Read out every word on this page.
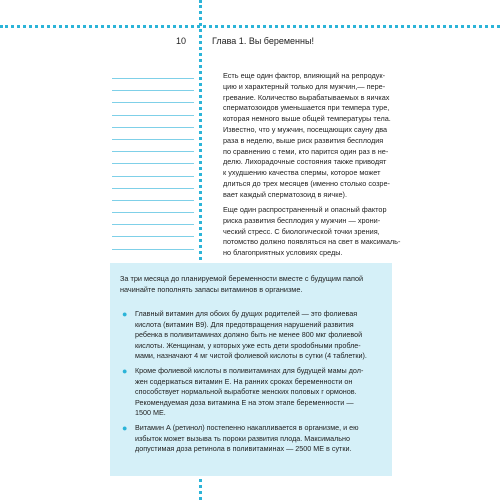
10	Глава 1. Вы беременны!
Есть еще один фактор, влияющий на репродук-
цию и характерный только для мужчин,— пере-
гревание. Количество вырабатываемых в яичках
сперматозоидов уменьшается при темпера туре,
которая немного выше общей температуры тела.
Известно, что у мужчин, посещающих сауну два
раза в неделю, выше риск развития бесплодия
по сравнению с теми, кто парится один раз в не-
делю. Лихорадочные состояния также приводят
к ухудшению качества спермы, которое может
длиться до трех месяцев (именно столько созре-
вает каждый сперматозоид в яичке).
Еще один распространенный и опасный фактор
риска развития бесплодия у мужчин — хрони-
ческий стресс. С биологической точки зрения,
потомство должно появляться на свет в максималь-
но благоприятных условиях среды.
За три месяца до планируемой беременности вместе с будущим папой
начинайте пополнять запасы витаминов в организме.
● Главный витамин для обоих бу дущих родителей — это фолиевая
кислота (витамин B9). Для предотвращения нарушений развития
ребенка в поливитаминах должно быть не менее 800 мкг фолиевой
кислоты. Женщинам, у которых уже есть дети spodобными пробле-
мами, назначают 4 мг чистой фолиевой кислоты в сутки (4 таблетки).
● Кроме фолиевой кислоты в поливитаминах для будущей мамы дол-
жен содержаться витамин Е. На ранних сроках беременности он
способствует нормальной выработке женских половых г ормонов.
Рекомендуемая доза витамина Е на этом этапе беременности —
1500 МЕ.
● Витамин А (ретинол) постепенно накапливается в организме, и ею
избыток может вызыва ть пороки развития плода. Максимально
допустимая доза ретинола в поливитаминах — 2500 МЕ в сутки.
